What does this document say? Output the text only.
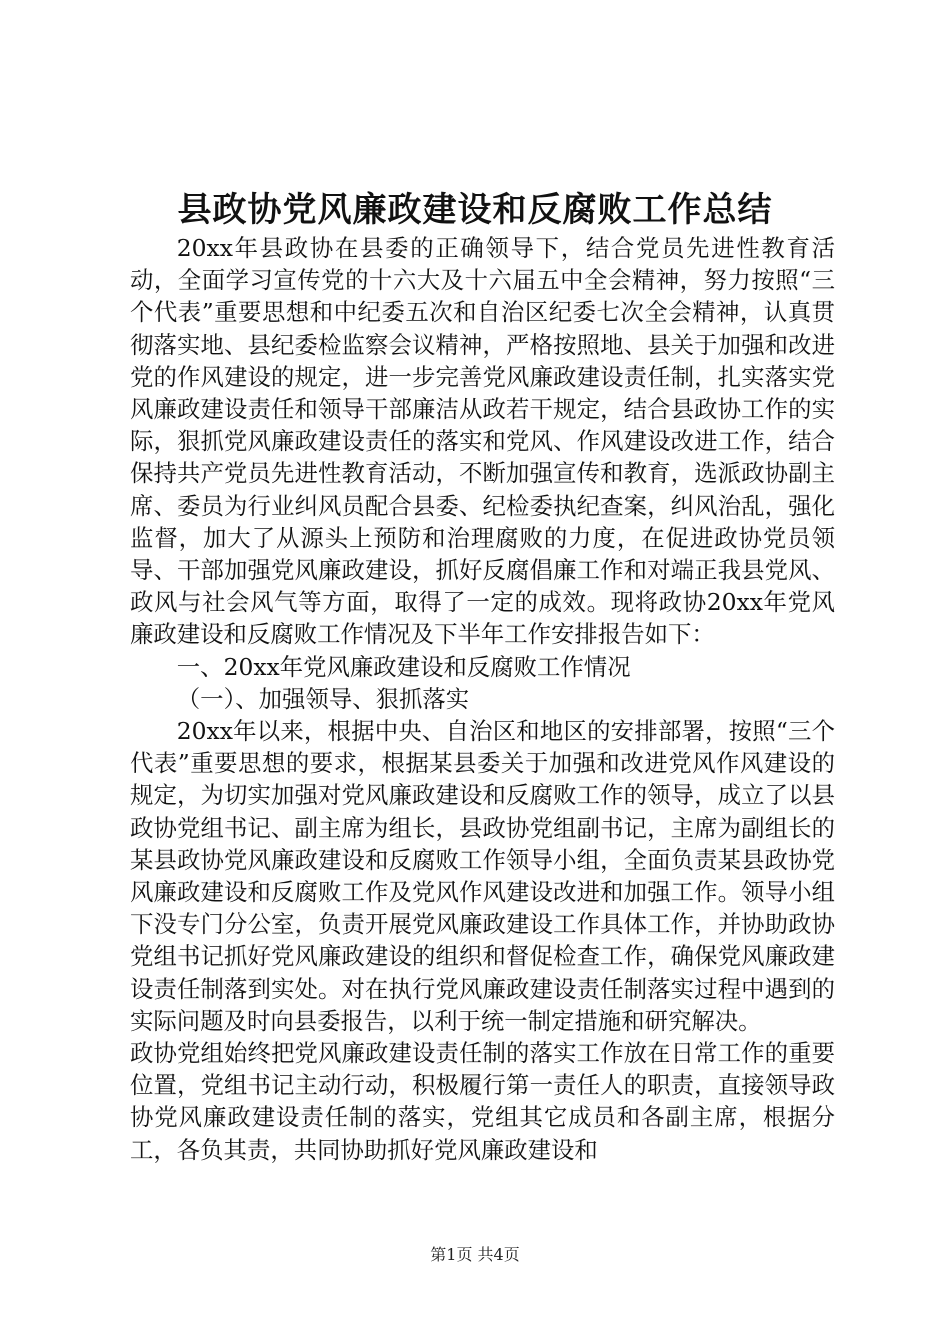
县政协党风廉政建设和反腐败工作总结

20xx年县政协在县委的正确领导下，结合党员先进性教育活动，全面学习宣传党的十六大及十六届五中全会精神，努力按照“三个代表”重要思想和中纪委五次和自治区纪委七次全会精神，认真贯彻落实地、县纪委检监察会议精神，严格按照地、县关于加强和改进党的作风建设的规定，进一步完善党风廉政建设责任制，扎实落实党风廉政建设责任和领导干部廉洁从政若干规定，结合县政协工作的实际，狠抓党风廉政建设责任的落实和党风、作风建设改进工作，结合保持共产党员先进性教育活动，不断加强宣传和教育，选派政协副主席、委员为行业纠风员配合县委、纪检委执纪查案，纠风治乱，强化监督，加大了从源头上预防和治理腐败的力度，在促进政协党员领导、干部加强党风廉政建设，抓好反腐倡廉工作和对端正我县党风、政风与社会风气等方面，取得了一定的成效。现将政协20xx年党风廉政建设和反腐败工作情况及下半年工作安排报告如下：

一、20xx年党风廉政建设和反腐败工作情况

（一）、加强领导、狠抓落实

20xx年以来，根据中央、自治区和地区的安排部署，按照“三个代表”重要思想的要求，根据某县委关于加强和改进党风作风建设的规定，为切实加强对党风廉政建设和反腐败工作的领导，成立了以县政协党组书记、副主席为组长，县政协党组副书记，主席为副组长的某县政协党风廉政建设和反腐败工作领导小组，全面负责某县政协党风廉政建设和反腐败工作及党风作风建设改进和加强工作。领导小组下没专门分公室，负责开展党风廉政建设工作具体工作，并协助政协党组书记抓好党风廉政建设的组织和督促检查工作，确保党风廉政建设责任制落到实处。对在执行党风廉政建设责任制落实过程中遇到的实际问题及时向县委报告，以利于统一制定措施和研究解决。

政协党组始终把党风廉政建设责任制的落实工作放在日常工作的重要位置，党组书记主动行动，积极履行第一责任人的职责，直接领导政协党风廉政建设责任制的落实，党组其它成员和各副主席，根据分工，各负其责，共同协助抓好党风廉政建设和

第1页 共4页
